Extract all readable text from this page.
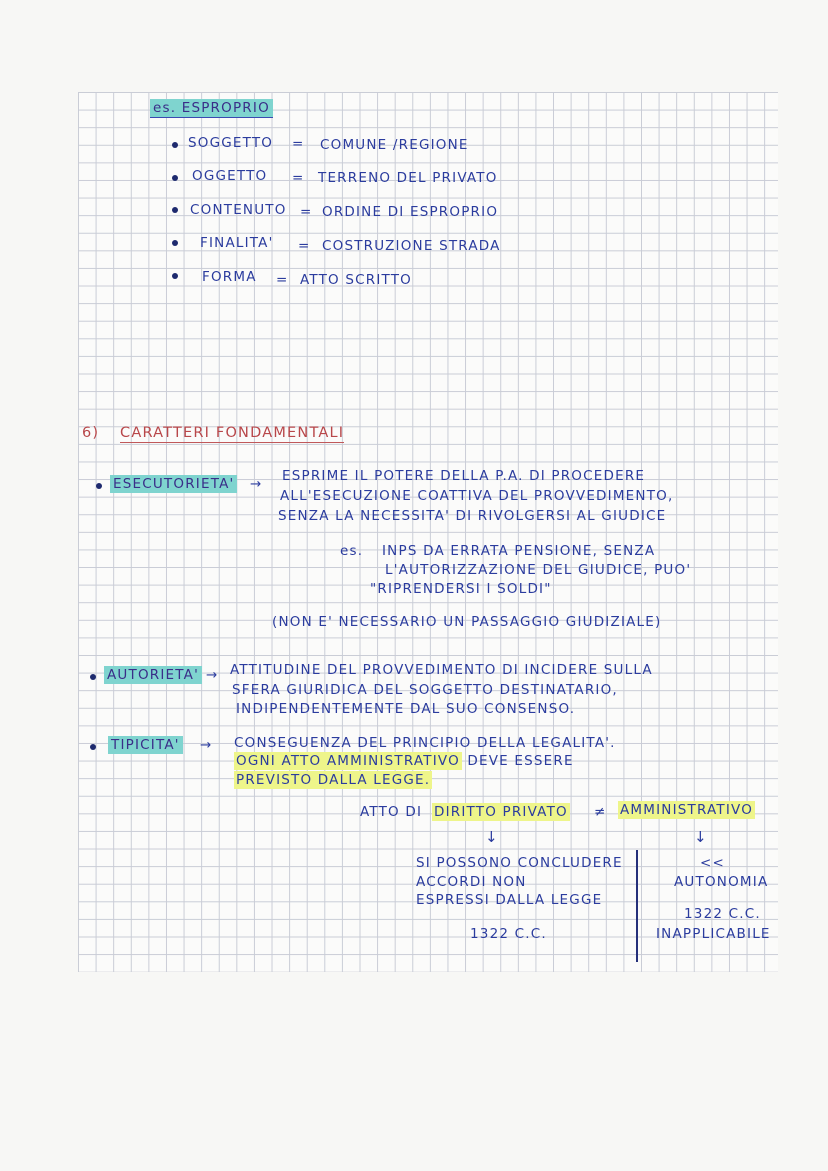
es. ESPROPRIO
SOGGETTO = COMUNE /REGIONE
OGGETTO = TERRENO DEL PRIVATO
CONTENUTO = ORDINE DI ESPROPRIO
FINALITA' = COSTRUZIONE STRADA
FORMA = ATTO SCRITTO
6) CARATTERI FONDAMENTALI
ESECUTORIETA' → ESPRIME IL POTERE DELLA P.A. DI PROCEDERE
ALL'ESECUZIONE COATTIVA DEL PROVVEDIMENTO,
SENZA LA NECESSITA' DI RIVOLGERSI AL GIUDICE
es. INPS DA ERRATA PENSIONE, SENZA
L'AUTORIZZAZIONE DEL GIUDICE, PUO'
"RIPRENDERSI I SOLDI"
(NON E' NECESSARIO UN PASSAGGIO GIUDIZIALE)
AUTORIETA' → ATTITUDINE DEL PROVVEDIMENTO DI INCIDERE SULLA
SFERA GIURIDICA DEL SOGGETTO DESTINATARIO,
INDIPENDENTEMENTE DAL SUO CONSENSO.
TIPICITA' → CONSEGUENZA DEL PRINCIPIO DELLA LEGALITA'.
OGNI ATTO AMMINISTRATIVO DEVE ESSERE
PREVISTO DALLA LEGGE.
ATTO DI DIRITTO PRIVATO ≠ AMMINISTRATIVO
↓	↓
SI POSSONO CONCLUDERE
ACCORDI NON
ESPRESSI DALLA LEGGE
1322 C.C.
<<
AUTONOMIA
1322 C.C.
INAPPLICABILE
